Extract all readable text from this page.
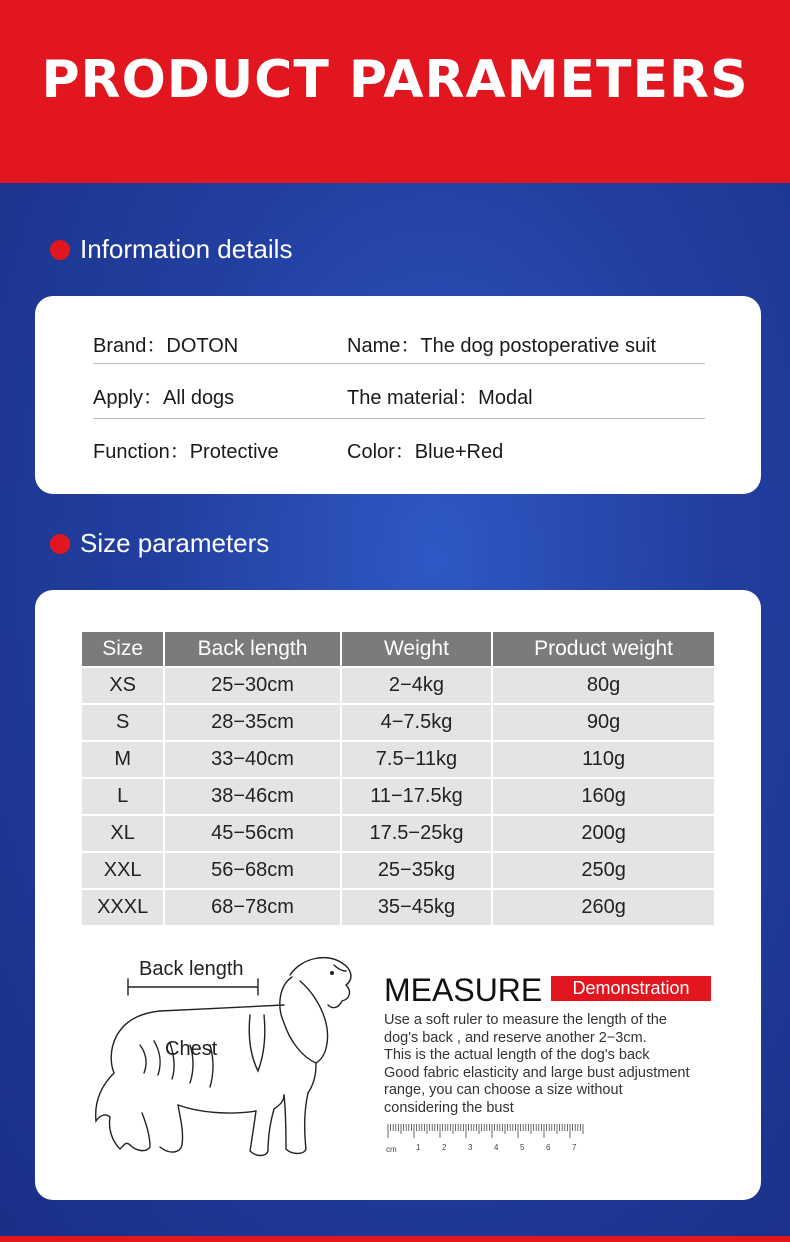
PRODUCT PARAMETERS
Information details
Brand：DOTON	Name：The dog postoperative suit
Apply：All dogs	The material：Modal
Function：Protective	Color：Blue+Red
Size parameters
Size	Back length	Weight	Product weight
XS	25−30cm	2−4kg	80g
S	28−35cm	4−7.5kg	90g
M	33−40cm	7.5−11kg	110g
L	38−46cm	11−17.5kg	160g
XL	45−56cm	17.5−25kg	200g
XXL	56−68cm	25−35kg	250g
XXXL	68−78cm	35−45kg	260g
Back length
Chest
MEASURE	Demonstration
Use a soft ruler to measure the length of the
dog's back , and reserve another 2−3cm.
This is the actual length of the dog's back
Good fabric elasticity and large bust adjustment
range, you can choose a size without
considering the bust
cm 1	2	3	4	5	6	7
